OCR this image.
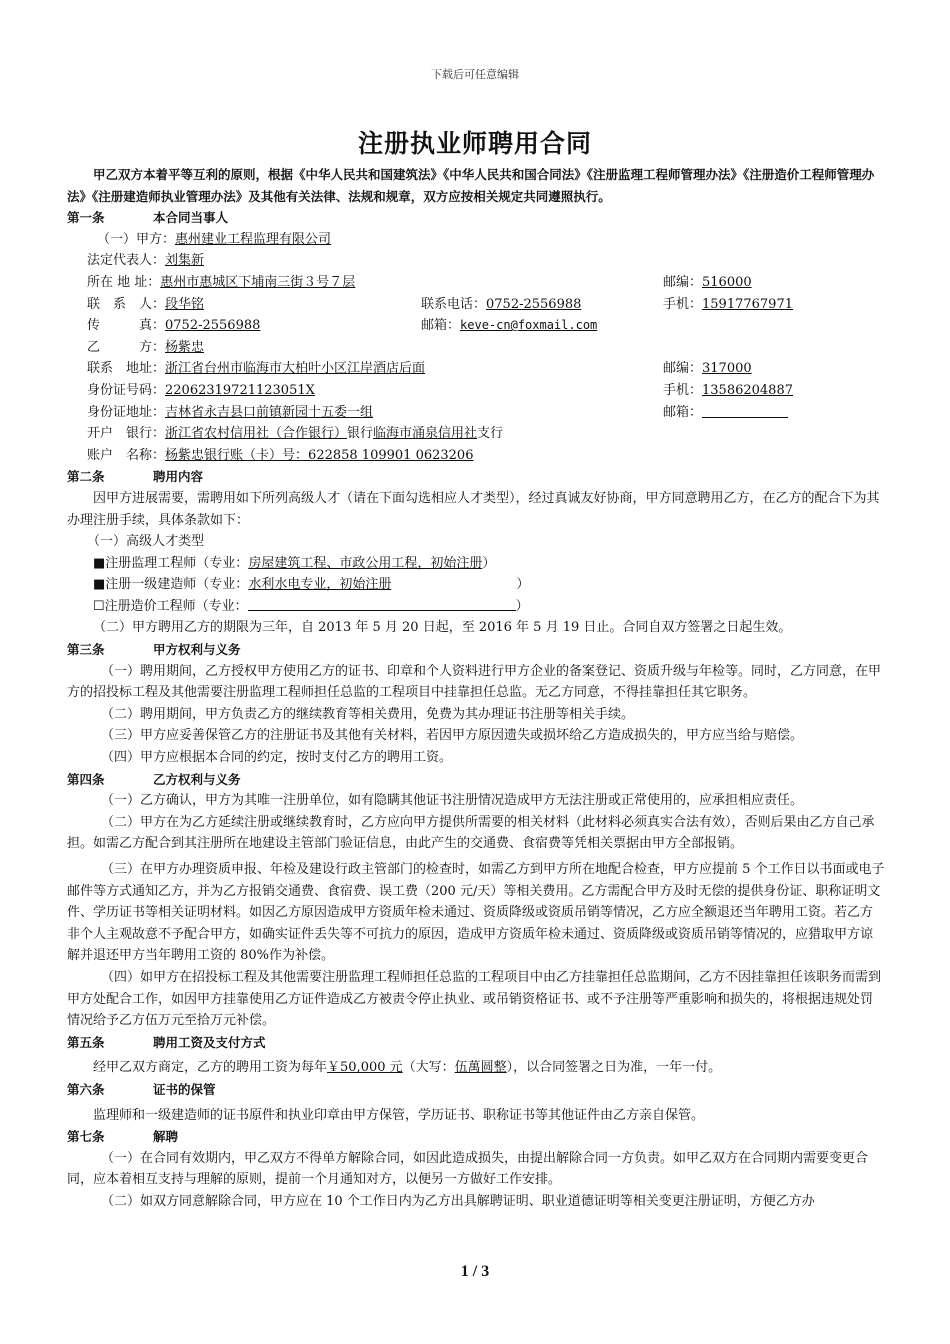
下载后可任意编辑
注册执业师聘用合同

甲乙双方本着平等互利的原则，根据《中华人民共和国建筑法》《中华人民共和国合同法》《注册监理工程师管理办法》《注册造价工程师管理办法》《注册建造师执业管理办法》及其他有关法律、法规和规章，双方应按相关规定共同遵照执行。

第一条	本合同当事人

（一）甲方： 惠州建业工程监理有限公司
法定代表人： 刘集新
所在 地 址：惠州市惠城区下埔南三街３号７层	邮编：516000
联　系　人：段华铭	联系电话：0752-2556988	手机：15917767971
传　　　真：0752-2556988	邮箱：keve-cn@foxmail.com
乙　　　方： 杨紫忠
联系　地址：浙江省台州市临海市大柏叶小区江岸酒店后面	邮编：317000
身份证号码：22062319721123051X	手机：13586204887
身份证地址：吉林省永吉县口前镇新园十五委一组	邮箱：
开户　银行： 浙江省农村信用社（合作银行） 银行 临海市涌泉信用社 支行
账户　名称： 杨紫忠 银行账（卡）号： 622858 109901 0623206

第二条	聘用内容

因甲方进展需要，需聘用如下所列高级人才（请在下面勾选相应人才类型），经过真诚友好协商，甲方同意聘用乙方，在乙方的配合下为其办理注册手续，具体条款如下：

（一）高级人才类型

■ 注册监理工程师（专业： 房屋建筑工程、市政公用工程，初始注册 ）
■ 注册一级建造师（专业： 水利水电专业，初始注册	）
☐ 注册造价工程师（专业：	）

（二）甲方聘用乙方的期限为三年，自 2013 年 5 月 20 日起，至 2016 年 5 月 19 日止。合同自双方签署之日起生效。

第三条	甲方权利与义务

（一）聘用期间，乙方授权甲方使用乙方的证书、印章和个人资料进行甲方企业的备案登记、资质升级与年检等。同时，乙方同意，在甲方的招投标工程及其他需要注册监理工程师担任总监的工程项目中挂靠担任总监。无乙方同意，不得挂靠担任其它职务。

（二）聘用期间，甲方负责乙方的继续教育等相关费用，免费为其办理证书注册等相关手续。

（三）甲方应妥善保管乙方的注册证书及其他有关材料，若因甲方原因遗失或损坏给乙方造成损失的，甲方应当给与赔偿。

（四）甲方应根据本合同的约定，按时支付乙方的聘用工资。

第四条	乙方权利与义务

（一）乙方确认，甲方为其唯一注册单位，如有隐瞒其他证书注册情况造成甲方无法注册或正常使用的，应承担相应责任。

（二）甲方在为乙方延续注册或继续教育时，乙方应向甲方提供所需要的相关材料（此材料必须真实合法有效），否则后果由乙方自己承担。如需乙方配合到其注册所在地建设主管部门验证信息，由此产生的交通费、食宿费等凭相关票据由甲方全部报销。

（三）在甲方办理资质申报、年检及建设行政主管部门的检查时，如需乙方到甲方所在地配合检查，甲方应提前 5 个工作日以书面或电子邮件等方式通知乙方，并为乙方报销交通费、食宿费、误工费（200 元/天）等相关费用。乙方需配合甲方及时无偿的提供身份证、职称证明文件、学历证书等相关证明材料。如因乙方原因造成甲方资质年检未通过、资质降级或资质吊销等情况，乙方应全额退还当年聘用工资。若乙方非个人主观故意不予配合甲方，如确实证件丢失等不可抗力的原因，造成甲方资质年检未通过、资质降级或资质吊销等情况的，应猎取甲方谅解并退还甲方当年聘用工资的 80%作为补偿。

（四）如甲方在招投标工程及其他需要注册监理工程师担任总监的工程项目中由乙方挂靠担任总监期间，乙方不因挂靠担任该职务而需到甲方处配合工作，如因甲方挂靠使用乙方证件造成乙方被责令停止执业、或吊销资格证书、或不予注册等严重影响和损失的，将根据违规处罚情况给予乙方伍万元至拾万元补偿。

第五条	聘用工资及支付方式

经甲乙双方商定，乙方的聘用工资为每年￥50,000 元（大写：伍萬圆整），以合同签署之日为准，一年一付。

第六条	证书的保管

监理师和一级建造师的证书原件和执业印章由甲方保管，学历证书、职称证书等其他证件由乙方亲自保管。

第七条	解聘

（一）在合同有效期内，甲乙双方不得单方解除合同，如因此造成损失，由提出解除合同一方负责。如甲乙双方在合同期内需要变更合同，应本着相互支持与理解的原则，提前一个月通知对方，以便另一方做好工作安排。

（二）如双方同意解除合同，甲方应在 10 个工作日内为乙方出具解聘证明、职业道德证明等相关变更注册证明，方便乙方办

1 / 3
